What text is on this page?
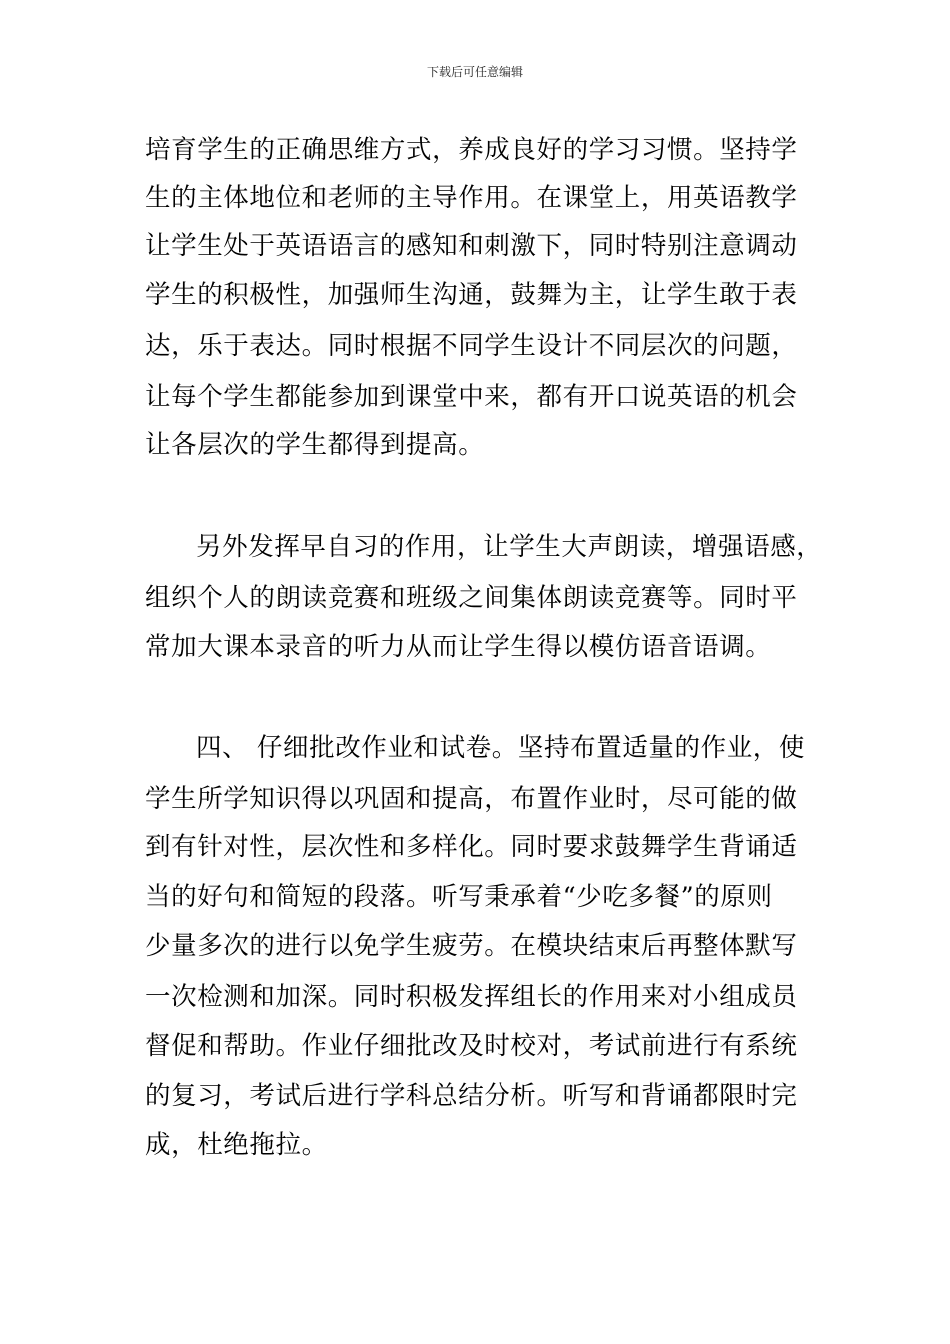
下载后可任意编辑
培育学生的正确思维方式，养成良好的学习习惯。坚持学
生的主体地位和老师的主导作用。在课堂上，用英语教学
让学生处于英语语言的感知和刺激下，同时特别注意调动
学生的积极性，加强师生沟通，鼓舞为主，让学生敢于表
达，乐于表达。同时根据不同学生设计不同层次的问题，
让每个学生都能参加到课堂中来，都有开口说英语的机会
让各层次的学生都得到提高。
另外发挥早自习的作用，让学生大声朗读，增强语感，
组织个人的朗读竞赛和班级之间集体朗读竞赛等。同时平
常加大课本录音的听力从而让学生得以模仿语音语调。
四、 仔细批改作业和试卷。坚持布置适量的作业，使
学生所学知识得以巩固和提高，布置作业时，尽可能的做
到有针对性，层次性和多样化。同时要求鼓舞学生背诵适
当的好句和简短的段落。听写秉承着“少吃多餐”的原则
少量多次的进行以免学生疲劳。在模块结束后再整体默写
一次检测和加深。同时积极发挥组长的作用来对小组成员
督促和帮助。作业仔细批改及时校对，考试前进行有系统
的复习，考试后进行学科总结分析。听写和背诵都限时完
成，杜绝拖拉。
